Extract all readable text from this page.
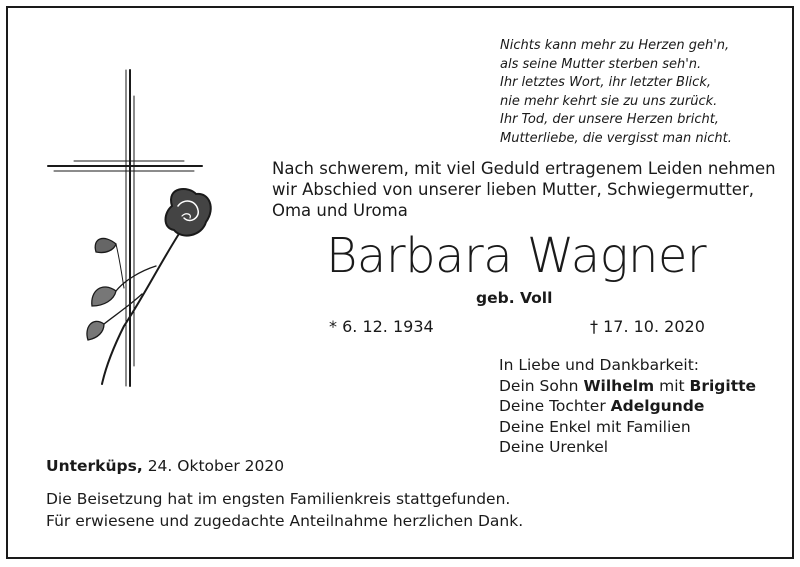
Nichts kann mehr zu Herzen geh'n,
als seine Mutter sterben seh'n.
Ihr letztes Wort, ihr letzter Blick,
nie mehr kehrt sie zu uns zurück.
Ihr Tod, der unsere Herzen bricht,
Mutterliebe, die vergisst man nicht.
Nach schwerem, mit viel Geduld ertragenem Leiden nehmen
wir Abschied von unserer lieben Mutter, Schwiegermutter,
Oma und Uroma
Barbara Wagner
geb. Voll
* 6. 12. 1934	† 17. 10. 2020
In Liebe und Dankbarkeit:
Dein Sohn Wilhelm mit Brigitte
Deine Tochter Adelgunde
Deine Enkel mit Familien
Deine Urenkel
Unterküps, 24. Oktober 2020
Die Beisetzung hat im engsten Familienkreis stattgefunden.
Für erwiesene und zugedachte Anteilnahme herzlichen Dank.
